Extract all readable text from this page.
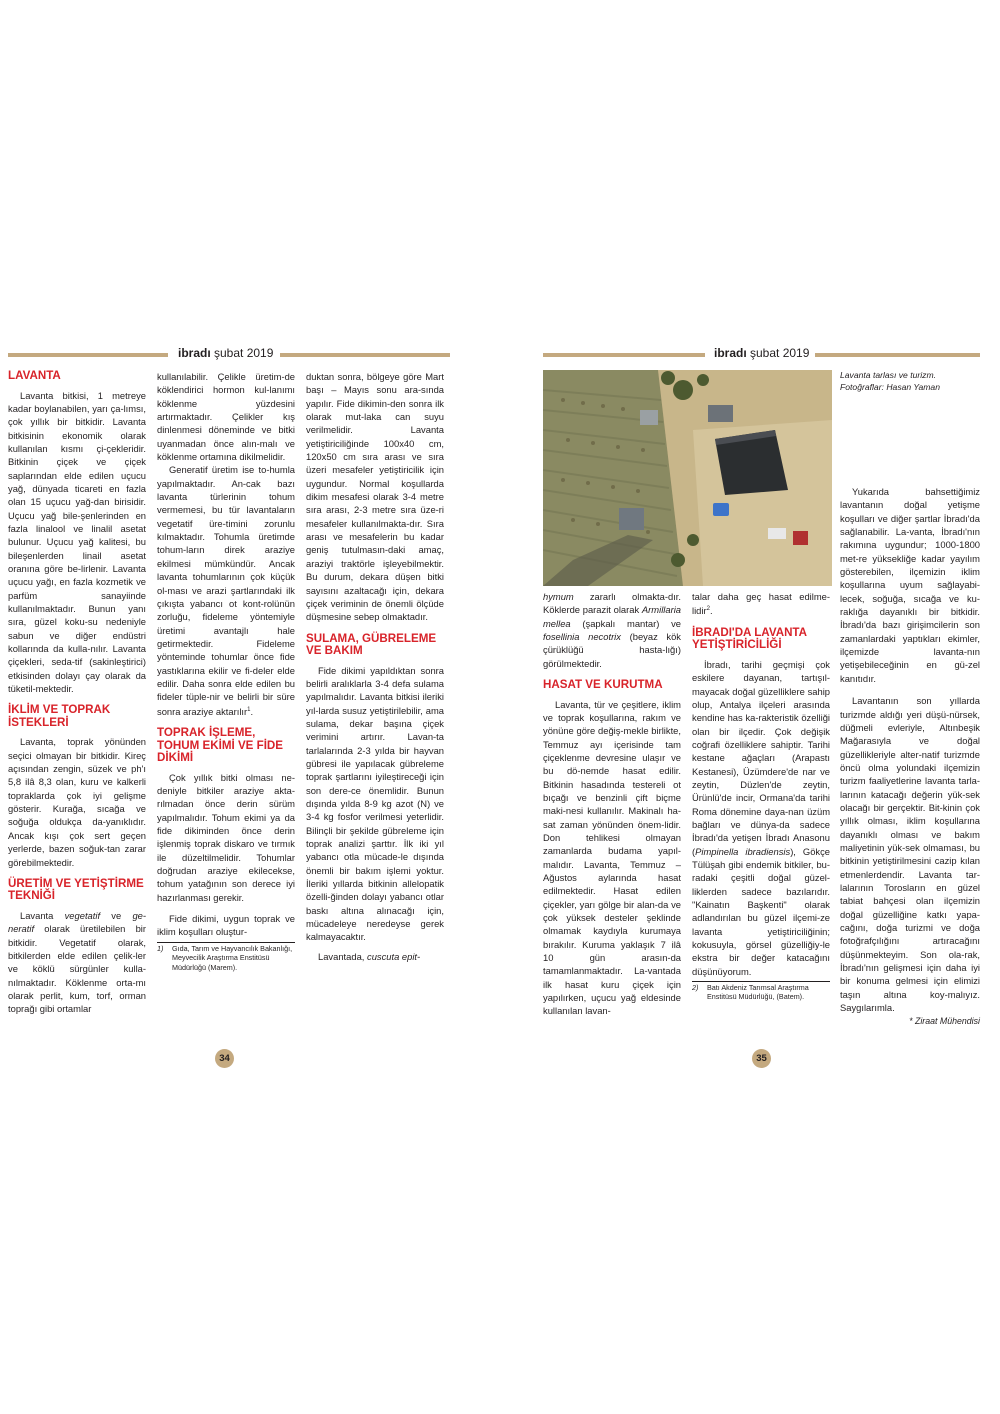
ibradı şubat 2019	ibradı şubat 2019
LAVANTA

Lavanta bitkisi, 1 metreye kadar boylanabilen, yarı ça-lımsı, çok yıllık bir bitkidir. Lavanta bitkisinin ekonomik olarak kullanılan kısmı çi-çekleridir. Bitkinin çiçek ve çiçek saplarından elde edilen uçucu yağ, dünyada ticareti en fazla olan 15 uçucu yağ-dan birisidir. Uçucu yağ bile-şenlerinden en fazla linalool ve linalil asetat bulunur. Uçucu yağ kalitesi, bu bileşenlerden linail asetat oranına göre be-lirlenir. Lavanta uçucu yağı, en fazla kozmetik ve parfüm sanayiinde kullanılmaktadır. Bunun yanı sıra, güzel koku-su nedeniyle sabun ve diğer endüstri kollarında da kulla-nılır. Lavanta çiçekleri, seda-tif (sakinleştirici) etkisinden dolayı çay olarak da tüketil-mektedir.

İKLİM VE TOPRAK İSTEKLERİ

Lavanta, toprak yönünden seçici olmayan bir bitkidir. Kireç açısından zengin, süzek ve ph'ı 5,8 ilâ 8,3 olan, kuru ve kalkerli topraklarda çok iyi gelişme gösterir. Kurağa, sıcağa ve soğuğa oldukça da-yanıklıdır. Ancak kışı çok sert geçen yerlerde, bazen soğuk-tan zarar görebilmektedir.

ÜRETİM VE YETİŞTİRME TEKNİĞİ

Lavanta vegetatif ve ge-neratif olarak üretilebilen bir bitkidir. Vegetatif olarak, bitkilerden elde edilen çelik-ler ve köklü sürgünler kulla-nılmaktadır. Köklenme orta-mı olarak perlit, kum, torf, orman toprağı gibi ortamlar

kullanılabilir. Çelikle üretim-de köklendirici hormon kul-lanımı köklenme yüzdesini artırmaktadır. Çelikler kış dinlenmesi döneminde ve bitki uyanmadan önce alın-malı ve köklenme ortamına dikilmelidir.

Generatif üretim ise to-humla yapılmaktadır. An-cak bazı lavanta türlerinin tohum vermemesi, bu tür lavantaların vegetatif üre-timini zorunlu kılmaktadır. Tohumla üretimde tohum-ların direk araziye ekilmesi mümkündür. Ancak lavanta tohumlarının çok küçük ol-ması ve arazi şartlarındaki ilk çıkışta yabancı ot kont-rolünün zorluğu, fideleme yöntemiyle üretimi avantajlı hale getirmektedir. Fideleme yönteminde tohumlar önce fide yastıklarına ekilir ve fi-deler elde edilir. Daha sonra elde edilen bu fideler tüple-nir ve belirli bir süre sonra araziye aktarılır$^1$.

TOPRAK İŞLEME, TOHUM EKİMİ VE FİDE DİKİMİ

Çok yıllık bitki olması ne-deniyle bitkiler araziye akta-rılmadan önce derin sürüm yapılmalıdır. Tohum ekimi ya da fide dikiminden önce derin işlenmiş toprak diskaro ve tırmık ile düzeltilmelidir. Tohumlar doğrudan araziye ekilecekse, tohum yatağının son derece iyi hazırlanması gerekir.

Fide dikimi, uygun toprak ve iklim koşulları oluştur-

1)	Gıda, Tarım ve Hayvancılık Bakanlığı, Meyvecilik Araştırma Enstitüsü Müdürlüğü (Marem).

duktan sonra, bölgeye göre Mart başı – Mayıs sonu ara-sında yapılır. Fide dikimin-den sonra ilk olarak mut-laka can suyu verilmelidir. Lavanta yetiştiriciliğinde 100x40 cm, 120x50 cm sıra arası ve sıra üzeri mesafeler yetiştiricilik için uygundur. Normal koşullarda dikim mesafesi olarak 3-4 metre sıra arası, 2-3 metre sıra üze-ri mesafeler kullanılmakta-dır. Sıra arası ve mesafelerin bu kadar geniş tutulmasın-daki amaç, araziyi traktörle işleyebilmektir. Bu durum, dekara düşen bitki sayısını azaltacağı için, dekara çiçek veriminin de önemli ölçüde düşmesine sebep olmaktadır.

SULAMA, GÜBRELEME VE BAKIM

Fide dikimi yapıldıktan sonra belirli aralıklarla 3-4 defa sulama yapılmalıdır. Lavanta bitkisi ileriki yıl-larda susuz yetiştirilebilir, ama sulama, dekar başına çiçek verimini artırır. Lavan-ta tarlalarında 2-3 yılda bir hayvan gübresi ile yapılacak gübreleme toprak şartlarını iyileştireceği için son dere-ce önemlidir. Bunun dışında yılda 8-9 kg azot (N) ve 3-4 kg fosfor verilmesi yeterlidir. Bilinçli bir şekilde gübreleme için toprak analizi şarttır. İlk iki yıl yabancı otla mücade-le dışında önemli bir bakım işlemi yoktur. İleriki yıllarda bitkinin allelopatik özelli-ğinden dolayı yabancı otlar baskı altına alınacağı için, mücadeleye neredeyse gerek kalmayacaktır.

Lavantada, cuscuta epit-

34
Lavanta tarlası ve turizm.
Fotoğraflar: Hasan Yaman

hymum zararlı olmakta-dır. Köklerde parazit olarak Armillaria mellea (şapkalı mantar) ve fosellinia necotrix (beyaz kök çürüklüğü hasta-lığı) görülmektedir.

HASAT VE KURUTMA

Lavanta, tür ve çeşitlere, iklim ve toprak koşullarına, rakım ve yönüne göre değiş-mekle birlikte, Temmuz ayı içerisinde tam çiçeklenme devresine ulaşır ve bu dö-nemde hasat edilir. Bitkinin hasadında testereli ot bıçağı ve benzinli çift biçme maki-nesi kullanılır. Makinalı ha-sat zaman yönünden önem-lidir. Don tehlikesi olmayan zamanlarda budama yapıl-malıdır. Lavanta, Temmuz – Ağustos aylarında hasat edilmektedir. Hasat edilen çiçekler, yarı gölge bir alan-da ve çok yüksek desteler şeklinde olmamak kaydıyla kurumaya bırakılır. Kuruma yaklaşık 7 ilâ 10 gün arasın-da tamamlanmaktadır. La-vantada ilk hasat kuru çiçek için yapılırken, uçucu yağ eldesinde kullanılan lavan-

talar daha geç hasat edilme-lidir$^2$.

İBRADI'DA LAVANTA YETİŞTİRİCİLİĞİ

İbradı, tarihi geçmişi çok eskilere dayanan, tartışıl-mayacak doğal güzelliklere sahip olup, Antalya ilçeleri arasında kendine has ka-rakteristik özelliği olan bir ilçedir. Çok değişik coğrafi özelliklere sahiptir. Tarihi kestane ağaçları (Arapastı Kestanesi), Üzümdere'de nar ve zeytin, Düzlen'de zeytin, Ürünlü'de incir, Ormana'da tarihi Roma dönemine daya-nan üzüm bağları ve dünya-da sadece İbradı'da yetişen İbradı Anasonu (Pimpinella ibradiensis), Gökçe Tülüşah gibi endemik bitkiler, bu-radaki çeşitli doğal güzel-liklerden sadece bazılarıdır. "Kainatın Başkenti" olarak adlandırılan bu güzel ilçemi-ze lavanta yetiştiriciliğinin; kokusuyla, görsel güzelliğiy-le ekstra bir değer katacağını düşünüyorum.

2)	Batı Akdeniz Tarımsal Araştırma Enstitüsü Müdürlüğü, (Batem).

Yukarıda bahsettiğimiz lavantanın doğal yetişme koşulları ve diğer şartlar İbradı'da sağlanabilir. La-vanta, İbradı'nın rakımına uygundur; 1000-1800 met-re yüksekliğe kadar yayılım gösterebilen, ilçemizin iklim koşullarına uyum sağlayabi-lecek, soğuğa, sıcağa ve ku-raklığa dayanıklı bir bitkidir. İbradı'da bazı girişimcilerin son zamanlardaki yaptıkları ekimler, ilçemizde lavanta-nın yetişebileceğinin en gü-zel kanıtıdır.

Lavantanın son yıllarda turizmde aldığı yeri düşü-nürsek, düğmeli evleriyle, Altınbeşik Mağarasıyla ve doğal güzellikleriyle alter-natif turizmde öncü olma yolundaki ilçemizin turizm faaliyetlerine lavanta tarla-larının katacağı değerin yük-sek olacağı bir gerçektir. Bit-kinin çok yıllık olması, iklim koşullarına dayanıklı olması ve bakım maliyetinin yük-sek olmaması, bu bitkinin yetiştirilmesini cazip kılan etmenlerdendir. Lavanta tar-lalarının Torosların en güzel tabiat bahçesi olan ilçemizin doğal güzelliğine katkı yapa-cağını, doğa turizmi ve doğa fotoğrafçılığını artıracağını düşünmekteyim. Son ola-rak, İbradı'nın gelişmesi için daha iyi bir konuma gelmesi için elimizi taşın altına koy-malıyız. Saygılarımla.

* Ziraat Mühendisi
35
